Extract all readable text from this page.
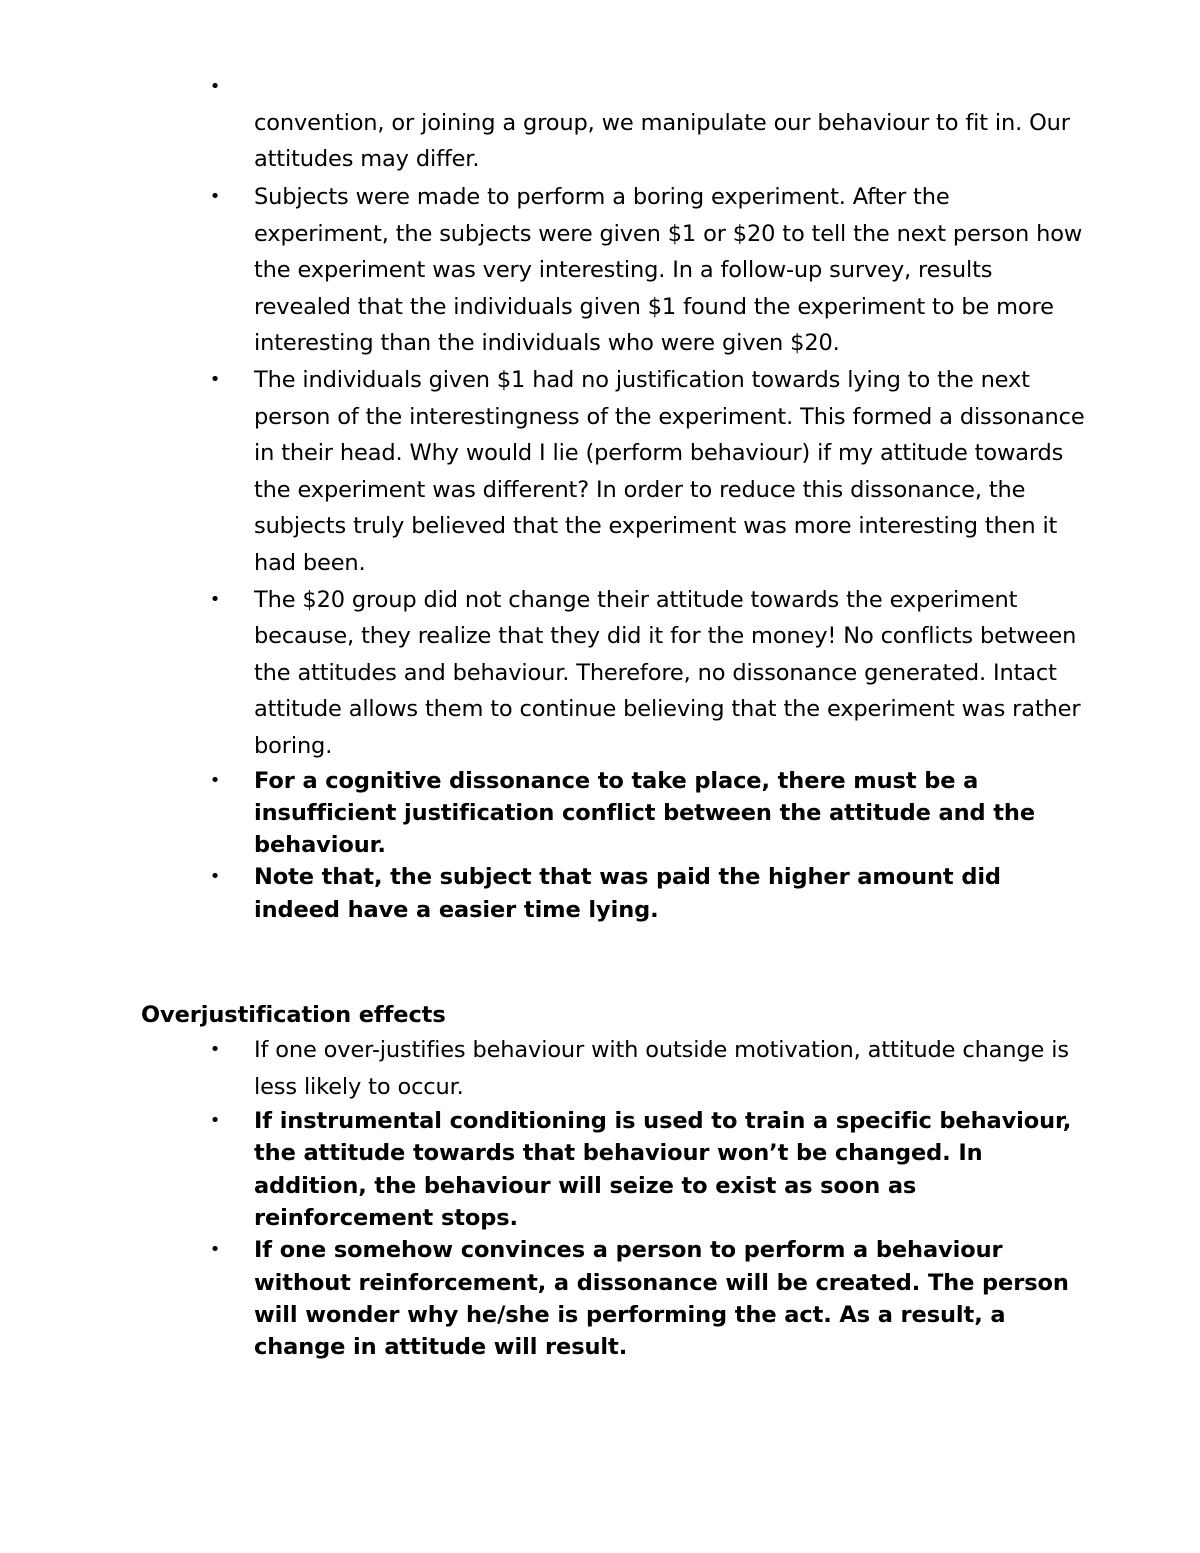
•
convention, or joining a group, we manipulate our behaviour to fit in. Our attitudes may differ.
• Subjects were made to perform a boring experiment. After the experiment, the subjects were given $1 or $20 to tell the next person how the experiment was very interesting. In a follow-up survey, results revealed that the individuals given $1 found the experiment to be more interesting than the individuals who were given $20.
• The individuals given $1 had no justification towards lying to the next person of the interestingness of the experiment. This formed a dissonance in their head. Why would I lie (perform behaviour) if my attitude towards the experiment was different? In order to reduce this dissonance, the subjects truly believed that the experiment was more interesting then it had been.
• The $20 group did not change their attitude towards the experiment because, they realize that they did it for the money! No conflicts between the attitudes and behaviour. Therefore, no dissonance generated. Intact attitude allows them to continue believing that the experiment was rather boring.
• For a cognitive dissonance to take place, there must be a insufficient justification conflict between the attitude and the behaviour.
• Note that, the subject that was paid the higher amount did indeed have a easier time lying.
Overjustification effects
• If one over-justifies behaviour with outside motivation, attitude change is less likely to occur.
• If instrumental conditioning is used to train a specific behaviour, the attitude towards that behaviour won’t be changed. In addition, the behaviour will seize to exist as soon as reinforcement stops.
• If one somehow convinces a person to perform a behaviour without reinforcement, a dissonance will be created. The person will wonder why he/she is performing the act. As a result, a change in attitude will result.
